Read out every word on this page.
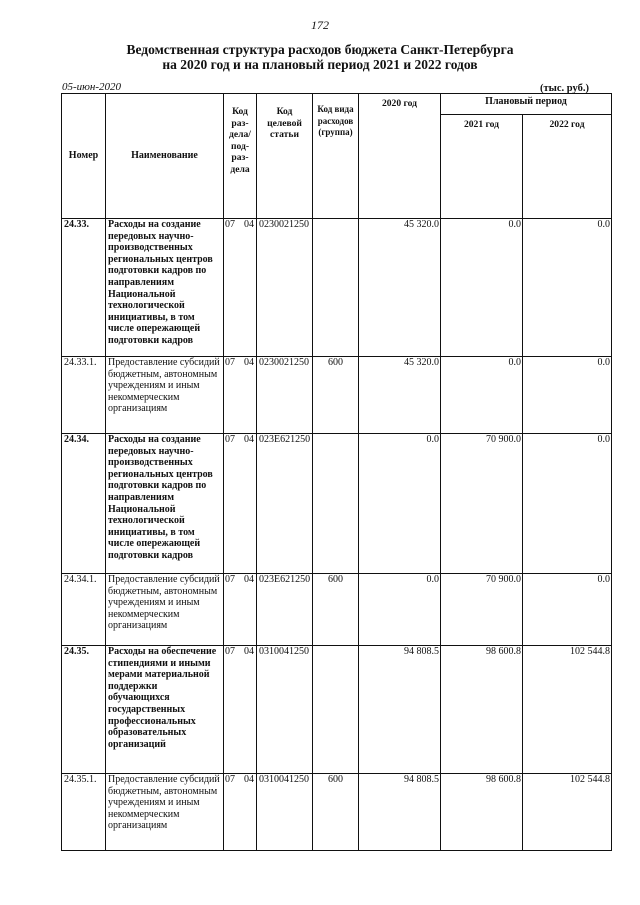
172
Ведомственная структура расходов бюджета Санкт-Петербурга
на 2020 год и на плановый период 2021 и 2022 годов
05-июн-2020	(тыс. руб.)
Номер	Наименование	Код раз- дела/ под- раз- дела	Код целевой статьи	Код вида расходов (группа)	2020 год	Плановый период	
						2021 год	2022 год
24.33.	Расходы на создание передовых научно-производственных региональных центров подготовки кадров по направлениям Национальной технологической инициативы, в том числе опережающей подготовки кадров	07 04	0230021250		45 320.0	0.0	0.0
24.33.1.	Предоставление субсидий бюджетным, автономным учреждениям и иным некоммерческим организациям	07 04	0230021250	600	45 320.0	0.0	0.0
24.34.	Расходы на создание передовых научно-производственных региональных центров подготовки кадров по направлениям Национальной технологической инициативы, в том числе опережающей подготовки кадров	07 04	023E621250		0.0	70 900.0	0.0
24.34.1.	Предоставление субсидий бюджетным, автономным учреждениям и иным некоммерческим организациям	07 04	023E621250	600	0.0	70 900.0	0.0
24.35.	Расходы на обеспечение стипендиями и иными мерами материальной поддержки обучающихся государственных профессиональных образовательных организаций	07 04	0310041250		94 808.5	98 600.8	102 544.8
24.35.1.	Предоставление субсидий бюджетным, автономным учреждениям и иным некоммерческим организациям	07 04	0310041250	600	94 808.5	98 600.8	102 544.8
